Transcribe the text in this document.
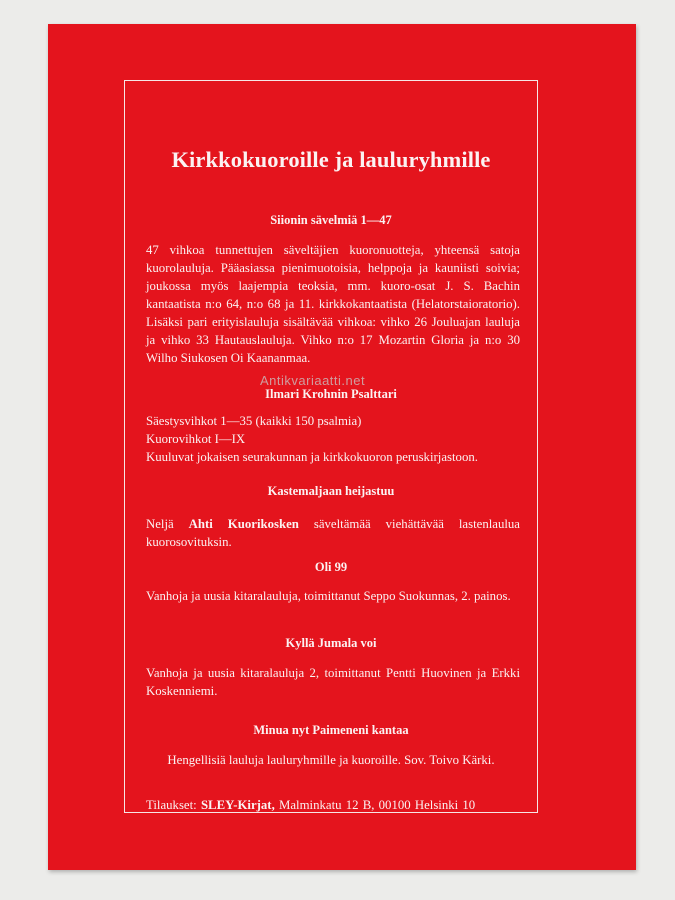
Kirkkokuoroille ja lauluryhmille
Siionin sävelmiä 1—47
47 vihkoa tunnettujen säveltäjien kuoronuotteja, yhteensä satoja kuorolauluja. Pääasiassa pienimuotoisia, helppoja ja kauniisti soivia; joukossa myös laajempia teoksia, mm. kuoro-osat J. S. Bachin kantaatista n:o 64, n:o 68 ja 11. kirkkokantaatista (Helatorstaioratorio). Lisäksi pari erityislauluja sisältävää vihkoa: vihko 26 Jouluajan lauluja ja vihko 33 Hautauslauluja. Vihko n:o 17 Mozartin Gloria ja n:o 30 Wilho Siukosen Oi Kaananmaa.
Ilmari Krohnin Psalttari
Säestysvihkot 1—35 (kaikki 150 psalmia)
Kuorovihkot I—IX
Kuuluvat jokaisen seurakunnan ja kirkkokuoron peruskirjastoon.
Kastemaljaan heijastuu
Neljä Ahti Kuorikosken säveltämää viehättävää lastenlaulua kuorosovituksin.
Oli 99
Vanhoja ja uusia kitaralauluja, toimittanut Seppo Suokunnas, 2. painos.
Kyllä Jumala voi
Vanhoja ja uusia kitaralauluja 2, toimittanut Pentti Huovinen ja Erkki Koskenniemi.
Minua nyt Paimeneni kantaa
Hengellisiä lauluja lauluryhmille ja kuoroille. Sov. Toivo Kärki.
Tilaukset: SLEY-Kirjat, Malminkatu 12 B, 00100 Helsinki 10
Antikvariaatti.net
